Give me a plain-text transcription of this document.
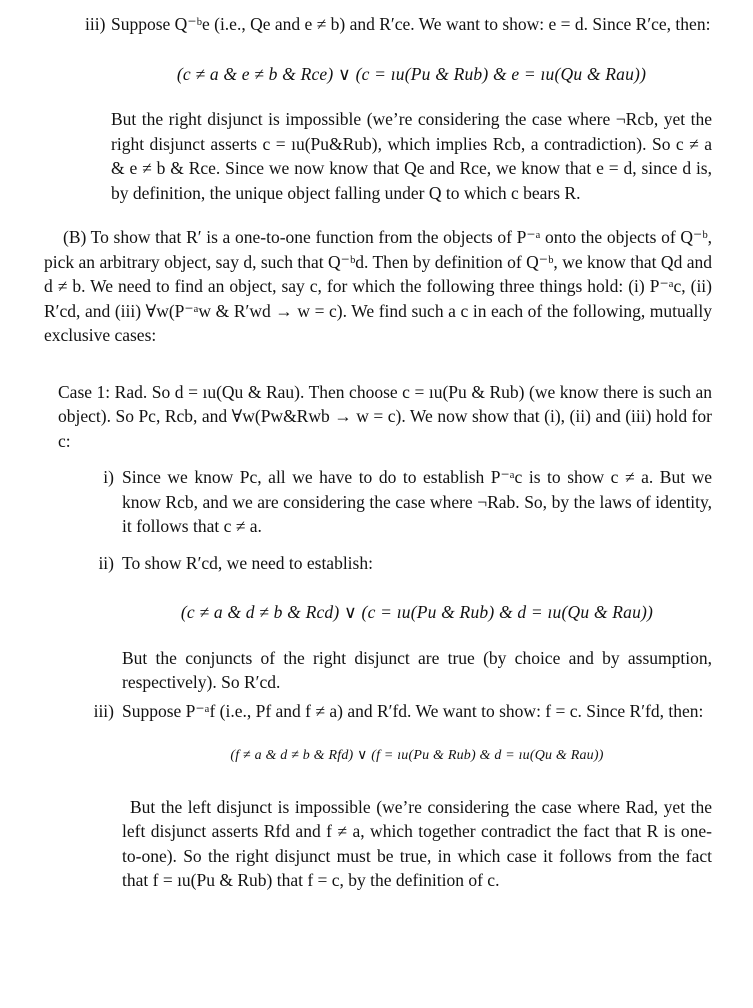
iii) Suppose Q⁻ᵇe (i.e., Qe and e ≠ b) and R′ce. We want to show: e = d. Since R′ce, then:

(c ≠ a & e ≠ b & Rce) ∨ (c = ıu(Pu & Rub) & e = ıu(Qu & Rau))

But the right disjunct is impossible (we’re considering the case where ¬Rcb, yet the right disjunct asserts c = ıu(Pu&Rub), which implies Rcb, a contradiction). So c ≠ a & e ≠ b & Rce. Since we now know that Qe and Rce, we know that e = d, since d is, by definition, the unique object falling under Q to which c bears R.

(B) To show that R′ is a one-to-one function from the objects of P⁻ᵃ onto the objects of Q⁻ᵇ, pick an arbitrary object, say d, such that Q⁻ᵇd. Then by definition of Q⁻ᵇ, we know that Qd and d ≠ b. We need to find an object, say c, for which the following three things hold: (i) P⁻ᵃc, (ii) R′cd, and (iii) ∀w(P⁻ᵃw & R′wd → w = c). We find such a c in each of the following, mutually exclusive cases:

Case 1: Rad. So d = ıu(Qu & Rau). Then choose c = ıu(Pu & Rub) (we know there is such an object). So Pc, Rcb, and ∀w(Pw&Rwb → w = c). We now show that (i), (ii) and (iii) hold for c:

i) Since we know Pc, all we have to do to establish P⁻ᵃc is to show c ≠ a. But we know Rcb, and we are considering the case where ¬Rab. So, by the laws of identity, it follows that c ≠ a.

ii) To show R′cd, we need to establish:

(c ≠ a & d ≠ b & Rcd) ∨ (c = ıu(Pu & Rub) & d = ıu(Qu & Rau))

But the conjuncts of the right disjunct are true (by choice and by assumption, respectively). So R′cd.

iii) Suppose P⁻ᵃf (i.e., Pf and f ≠ a) and R′fd. We want to show: f = c. Since R′fd, then:

(f ≠ a & d ≠ b & Rfd) ∨ (f = ıu(Pu & Rub) & d = ıu(Qu & Rau))

But the left disjunct is impossible (we’re considering the case where Rad, yet the left disjunct asserts Rfd and f ≠ a, which together contradict the fact that R is one-to-one). So the right disjunct must be true, in which case it follows from the fact that f = ıu(Pu & Rub) that f = c, by the definition of c.
